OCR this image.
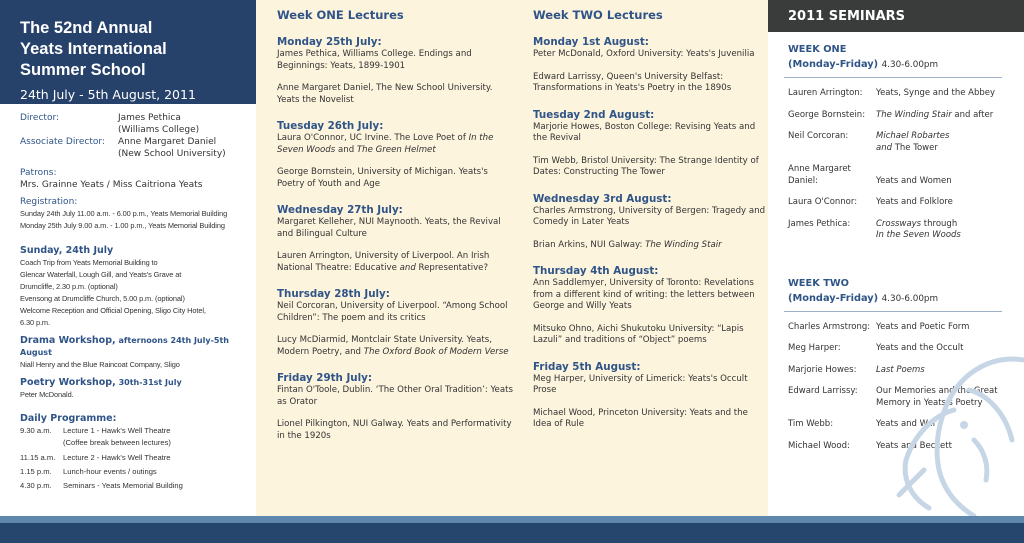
The 52nd Annual
Yeats International
Summer School
24th July - 5th August, 2011
Director:	James Pethica
(Williams College)
Associate Director:	Anne Margaret Daniel
(New School University)
Patrons:
Mrs. Grainne Yeats / Miss Caitriona Yeats
Registration:
Sunday 24th July 11.00 a.m. - 6.00 p.m., Yeats Memorial Building
Monday 25th July 9.00 a.m. - 1.00 p.m., Yeats Memorial Building
Sunday, 24th July
Coach Trip from Yeats Memorial Building to
Glencar Waterfall, Lough Gill, and Yeats's Grave at
Drumcliffe, 2.30 p.m. (optional)
Evensong at Drumcliffe Church, 5.00 p.m. (optional)
Welcome Reception and Official Opening, Sligo City Hotel,
6.30 p.m.
Drama Workshop, afternoons 24th July-5th August
Niall Henry and the Blue Raincoat Company, Sligo
Poetry Workshop, 30th-31st July
Peter McDonald.
Daily Programme:
9.30 a.m.	Lecture 1 - Hawk's Well Theatre
(Coffee break between lectures)
11.15 a.m.	Lecture 2 - Hawk's Well Theatre
1.15 p.m.	Lunch-hour events / outings
4.30 p.m.	Seminars - Yeats Memorial Building
Week ONE Lectures
Monday 25th July:
James Pethica, Williams College. Endings and Beginnings: Yeats, 1899-1901
Anne Margaret Daniel, The New School University. Yeats the Novelist
Tuesday 26th July:
Laura O'Connor, UC Irvine. The Love Poet of In the Seven Woods and The Green Helmet
George Bornstein, University of Michigan. Yeats's Poetry of Youth and Age
Wednesday 27th July:
Margaret Kelleher, NUI Maynooth. Yeats, the Revival and Bilingual Culture
Lauren Arrington, University of Liverpool. An Irish National Theatre: Educative and Representative?
Thursday 28th July:
Neil Corcoran, University of Liverpool. “Among School Children”: The poem and its critics
Lucy McDiarmid, Montclair State University. Yeats, Modern Poetry, and The Oxford Book of Modern Verse
Friday 29th July:
Fintan O'Toole, Dublin. ‘The Other Oral Tradition’: Yeats as Orator
Lionel Pilkington, NUI Galway. Yeats and Performativity in the 1920s
Week TWO Lectures
Monday 1st August:
Peter McDonald, Oxford University: Yeats's Juvenilia
Edward Larrissy, Queen's University Belfast: Transformations in Yeats's Poetry in the 1890s
Tuesday 2nd August:
Marjorie Howes, Boston College: Revising Yeats and the Revival
Tim Webb, Bristol University: The Strange Identity of Dates: Constructing The Tower
Wednesday 3rd August:
Charles Armstrong, University of Bergen: Tragedy and Comedy in Later Yeats
Brian Arkins, NUI Galway: The Winding Stair
Thursday 4th August:
Ann Saddlemyer, University of Toronto: Revelations from a different kind of writing: the letters between George and Willy Yeats
Mitsuko Ohno, Aichi Shukutoku University: “Lapis Lazuli” and traditions of “Object” poems
Friday 5th August:
Meg Harper, University of Limerick: Yeats's Occult Prose
Michael Wood, Princeton University: Yeats and the Idea of Rule
2011 SEMINARS
WEEK ONE
(Monday-Friday) 4.30-6.00pm
Lauren Arrington:	Yeats, Synge and the Abbey
George Bornstein:	The Winding Stair and after
Neil Corcoran:	Michael Robartes
and The Tower
Anne Margaret
Daniel:	
Yeats and Women
Laura O'Connor:	Yeats and Folklore
James Pethica:	Crossways through
In the Seven Woods
WEEK TWO
(Monday-Friday) 4.30-6.00pm
Charles Armstrong: Yeats and Poetic Form
Meg Harper:	Yeats and the Occult
Marjorie Howes:	Last Poems
Edward Larrissy:	Our Memories and the Great Memory in Yeats's Poetry
Tim Webb:	Yeats and War
Michael Wood:	Yeats and Beckett
